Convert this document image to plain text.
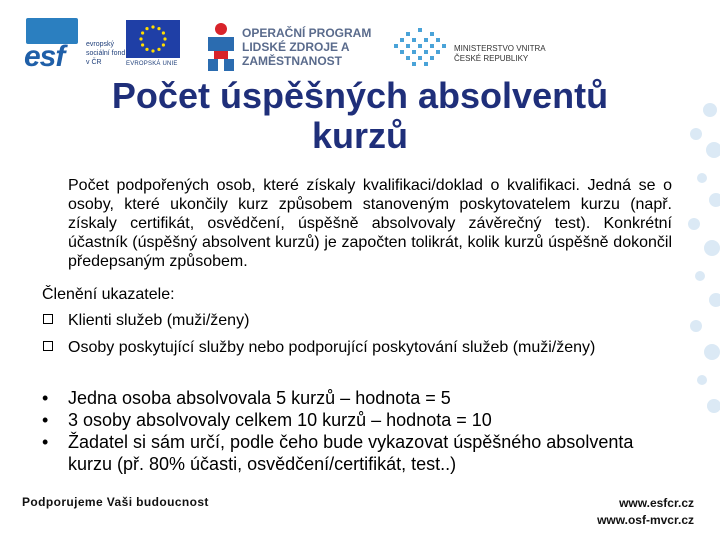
esf	evropský sociální fond v ČR	EVROPSKÁ UNIE
OPERAČNÍ PROGRAM LIDSKÉ ZDROJE A ZAMĚSTNANOST
MINISTERSTVO VNITRA ČESKÉ REPUBLIKY
Počet úspěšných absolventů kurzů

Počet podpořených osob, které získaly kvalifikaci/doklad o kvalifikaci. Jedná se o osoby, které ukončily kurz způsobem stanoveným poskytovatelem kurzu (např. získaly certifikát, osvědčení, úspěšně absolvovaly závěrečný test). Konkrétní účastník (úspěšný absolvent kurzů) je započten tolikrát, kolik kurzů úspěšně dokončil předepsaným způsobem.

Členění ukazatele:
Klienti služeb (muži/ženy)
Osoby poskytující služby nebo podporující poskytování služeb (muži/ženy)
• Jedna osoba absolvovala 5 kurzů – hodnota = 5
• 3 osoby absolvovaly celkem 10 kurzů – hodnota = 10
• Žadatel si sám určí, podle čeho bude vykazovat úspěšného absolventa kurzu (př. 80% účasti, osvědčení/certifikát, test..)
Podporujeme Vaši budoucnost	www.esfcr.cz
www.osf-mvcr.cz
